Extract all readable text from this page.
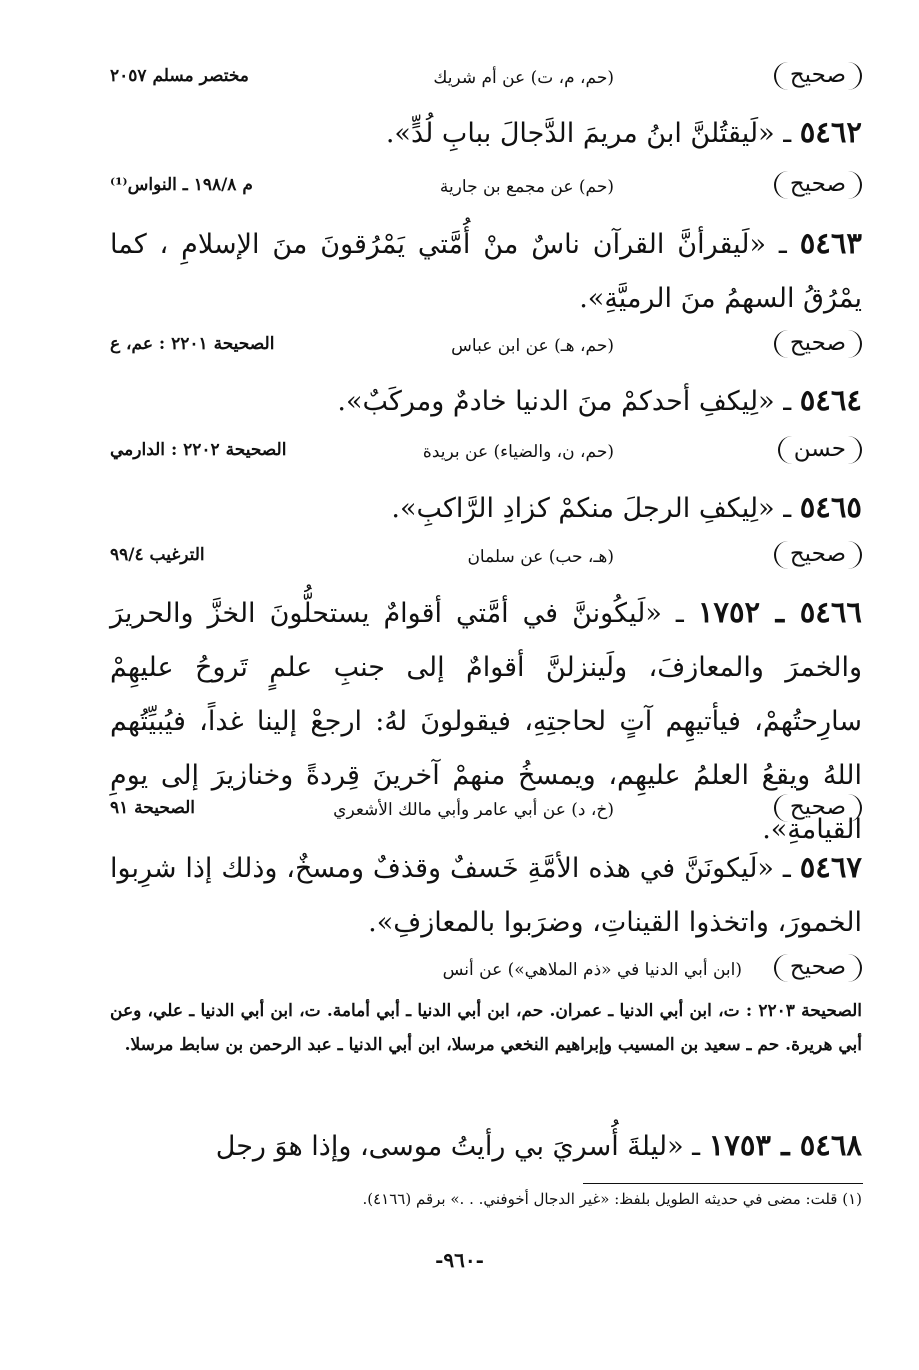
صحيح
(حم، م، ت) عن أم شريك
مختصر مسلم ٢٠٥٧
٥٤٦٢ ـ «لَيقتُلنَّ ابنُ مريمَ الدَّجالَ ببابِ لُدٍّ».
صحيح
(حم) عن مجمع بن جارية
م ١٩٨/٨ ـ النواس⁽¹⁾
٥٤٦٣ ـ «لَيقرأنَّ القرآن ناسٌ منْ أُمَّتي يَمْرُقونَ منَ الإسلامِ ، كما يمْرُقُ السهمُ منَ الرميَّةِ».
صحيح
(حم، هـ) عن ابن عباس
الصحيحة ٢٢٠١ : عم، ع
٥٤٦٤ ـ «لِيكفِ أحدكمْ منَ الدنيا خادمٌ ومركَبٌ».
حسن
(حم، ن، والضياء) عن بريدة
الصحيحة ٢٢٠٢ : الدارمي
٥٤٦٥ ـ «لِيكفِ الرجلَ منكمْ كزادِ الرَّاكبِ».
صحيح
(هـ، حب) عن سلمان
الترغيب ٩٩/٤
٥٤٦٦ ـ ١٧٥٢ ـ «لَيكُوننَّ في أمَّتي أقوامٌ يستحلُّونَ الخزَّ والحريرَ والخمرَ والمعازفَ، ولَينزلنَّ أقوامٌ إلى جنبِ علمٍ تَروحُ عليهِمْ سارِحتُهمْ، فيأتيهِم آتٍ لحاجتِهِ، فيقولونَ لهُ: ارجعْ إلينا غداً، فيُبيِّتُهم اللهُ ويقعُ العلمُ عليهِم، ويمسخُ منهمْ آخرينَ قِردةً وخنازيرَ إلى يومِ القيامةِ».
صحيح
(خ، د) عن أبي عامر وأبي مالك الأشعري
الصحيحة ٩١
٥٤٦٧ ـ «لَيكونَنَّ في هذه الأمَّةِ خَسفٌ وقذفٌ ومسخٌ، وذلك إذا شرِبوا الخمورَ، واتخذوا القيناتِ، وضرَبوا بالمعازفِ».
صحيح
(ابن أبي الدنيا في «ذم الملاهي») عن أنس
الصحيحة ٢٢٠٣ : ت، ابن أبي الدنيا ـ عمران. حم، ابن أبي الدنيا ـ أبي أمامة. ت، ابن أبي الدنيا ـ علي، وعن أبي هريرة. حم ـ سعيد بن المسيب وإبراهيم النخعي مرسلا، ابن أبي الدنيا ـ عبد الرحمن بن سابط مرسلا.
٥٤٦٨ ـ ١٧٥٣ ـ «ليلةَ أُسريَ بي رأيتُ موسى، وإذا هوَ رجل
(١) قلت: مضى في حديثه الطويل بلفظ: «غير الدجال أخوفني. . .» برقم (٤١٦٦).
-٩٦٠-
